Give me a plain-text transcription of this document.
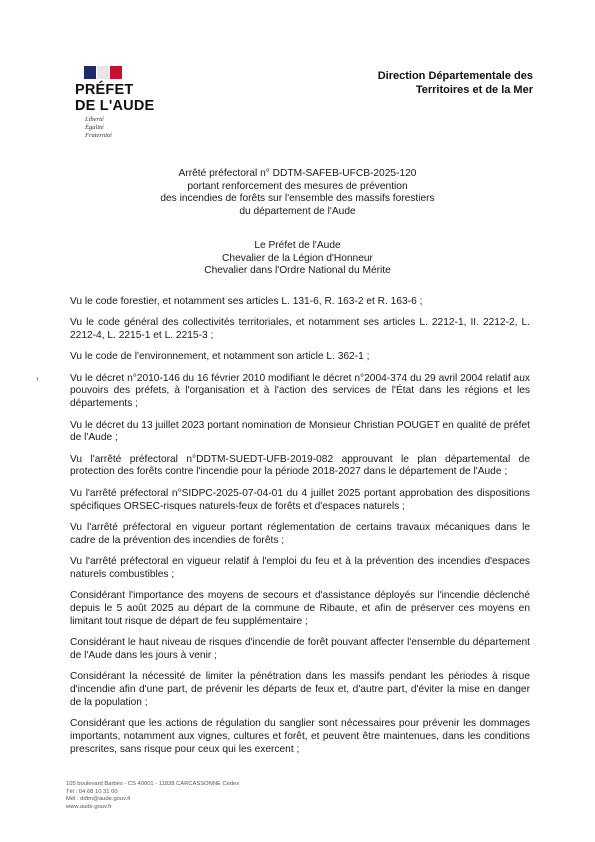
PRÉFET
DE L'AUDE
Liberté
Égalité
Fraternité
Direction Départementale des
Territoires et de la Mer
Arrêté préfectoral n° DDTM-SAFEB-UFCB-2025-120
portant renforcement des mesures de prévention
des incendies de forêts sur l'ensemble des massifs forestiers
du département de l'Aude
Le Préfet de l'Aude
Chevalier de la Légion d'Honneur
Chevalier dans l'Ordre National du Mérite
›

Vu le code forestier, et notamment ses articles L. 131-6, R. 163-2 et R. 163-6 ;

Vu le code général des collectivités territoriales, et notamment ses articles L. 2212-1, II. 2212-2, L. 2212-4, L. 2215-1 et L. 2215-3 ;

Vu le code de l'environnement, et notamment son article L. 362-1 ;

Vu le décret n°2010-146 du 16 février 2010 modifiant le décret n°2004-374 du 29 avril 2004 relatif aux pouvoirs des préfets, à l'organisation et à l'action des services de l'État dans les régions et les départements ;

Vu le décret du 13 juillet 2023 portant nomination de Monsieur Christian POUGET en qualité de préfet de l'Aude ;

Vu l'arrêté préfectoral n°DDTM-SUEDT-UFB-2019-082 approuvant le plan départemental de protection des forêts contre l'incendie pour la période 2018-2027 dans le département de l'Aude ;

Vu l'arrêté préfectoral n°SIDPC-2025-07-04-01 du 4 juillet 2025 portant approbation des dispositions spécifiques ORSEC-risques naturels-feux de forêts et d'espaces naturels ;

Vu l'arrêté préfectoral en vigueur portant réglementation de certains travaux mécaniques dans le cadre de la prévention des incendies de forêts ;

Vu l'arrêté préfectoral en vigueur relatif à l'emploi du feu et à la prévention des incendies d'espaces naturels combustibles ;

Considérant l'importance des moyens de secours et d'assistance déployés sur l'incendie déclenché depuis le 5 août 2025 au départ de la commune de Ribaute, et afin de préserver ces moyens en limitant tout risque de départ de feu supplémentaire ;

Considérant le haut niveau de risques d'incendie de forêt pouvant affecter l'ensemble du département de l'Aude dans les jours à venir ;

Considérant la nécessité de limiter la pénétration dans les massifs pendant les périodes à risque d'incendie afin d'une part, de prévenir les départs de feux et, d'autre part, d'éviter la mise en danger de la population ;

Considérant que les actions de régulation du sanglier sont nécessaires pour prévenir les dommages importants, notamment aux vignes, cultures et forêt, et peuvent être maintenues, dans les conditions prescrites, sans risque pour ceux qui les exercent ;

105 boulevard Barbès - CS 40001 - 11838 CARCASSONNE Cedex
Tél : 04 68 10 31 00
Mél : ddtm@aude.gouv.fr
www.aude.gouv.fr
